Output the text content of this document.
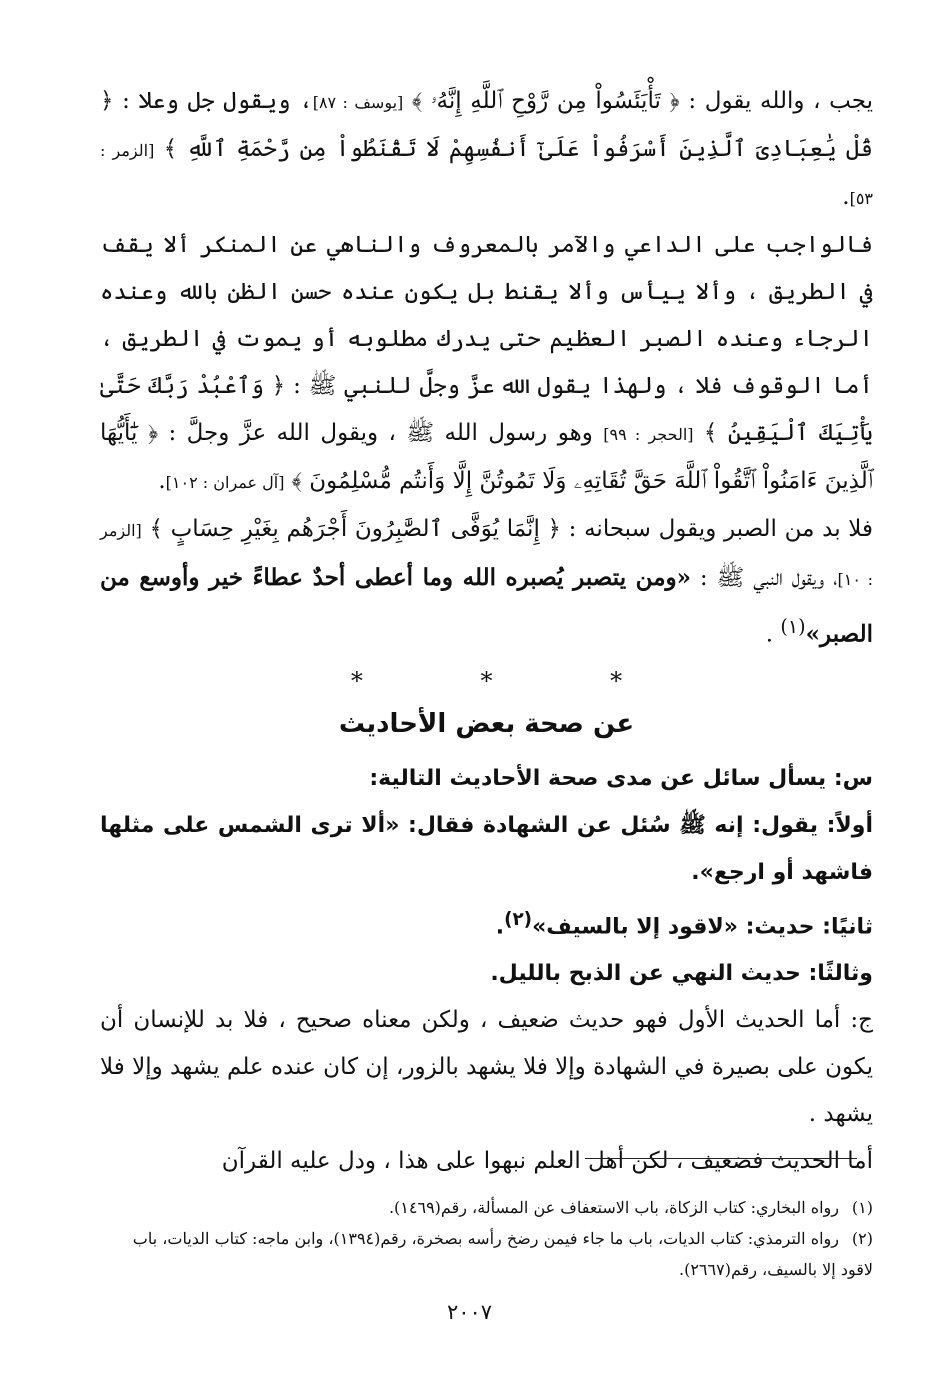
يجب ، والله يقول : ﴿ تَأْيَئَسُواْ مِن رَّوْحِ ٱللَّهِ إِنَّهُۥ ﴾ [يوسف : ٨٧]، ويقول جل وعلا : ﴿ قُلْ يَٰعِبَادِىَ ٱلَّذِينَ أَسْرَفُواْ عَلَىٰٓ أَنفُسِهِمْ لَا تَقْنَطُواْ مِن رَّحْمَةِ ٱللَّهِ ﴾ [الزمر : ٥٣].

فالواجب على الداعي والآمر بالمعروف والناهي عن المنكر ألا يقف في الطريق ، وألا ييأس وألا يقنط بل يكون عنده حسن الظن بالله وعنده الرجاء وعنده الصبر العظيم حتى يدرك مطلوبه أو يموت في الطريق ، أما الوقوف فلا ، ولهذا يقول الله عزَّ وجلَّ للنبي ﷺ : ﴿ وَٱعْبُدْ رَبَّكَ حَتَّىٰ يَأْتِيَكَ ٱلْيَقِينُ ﴾ [الحجر : ٩٩] وهو رسول الله ﷺ ، ويقول الله عزَّ وجلَّ : ﴿ يَٰٓأَيُّهَا ٱلَّذِينَ ءَامَنُواْ ٱتَّقُواْ ٱللَّهَ حَقَّ تُقَاتِهِۦ وَلَا تَمُوتُنَّ إِلَّا وَأَنتُم مُّسْلِمُونَ ﴾ [آل عمران : ١٠٢].

فلا بد من الصبر ويقول سبحانه : ﴿ إِنَّمَا يُوَفَّى ٱلصَّٰبِرُونَ أَجْرَهُم بِغَيْرِ حِسَابٍ ﴾ [الزمر : ١٠]، ويقول النبي ﷺ : «ومن يتصبر يُصبره الله وما أعطى أحدٌ عطاءً خير وأوسع من الصبر»$^{(١)}$ .

* * *
عن صحة بعض الأحاديث

س: يسأل سائل عن مدى صحة الأحاديث التالية:

أولاً: يقول: إنه ﷺ سُئل عن الشهادة فقال: «ألا ترى الشمس على مثلها فاشهد أو ارجع».

ثانيًا: حديث: «لاقود إلا بالسيف»$^{(٢)}$.

وثالثًا: حديث النهي عن الذبح بالليل.

ج: أما الحديث الأول فهو حديث ضعيف ، ولكن معناه صحيح ، فلا بد للإنسان أن يكون على بصيرة في الشهادة وإلا فلا يشهد بالزور، إن كان عنده علم يشهد وإلا فلا يشهد .

أما الحديث فضعيف ، لكن أهل العلم نبهوا على هذا ، ودل عليه القرآن

(١)رواه البخاري: كتاب الزكاة، باب الاستعفاف عن المسألة، رقم(١٤٦٩).

(٢)رواه الترمذي: كتاب الديات، باب ما جاء فيمن رضخ رأسه بصخرة، رقم(١٣٩٤)، وابن ماجه: كتاب الديات، باب لاقود إلا بالسيف، رقم(٢٦٦٧).

٢٠٠٧
